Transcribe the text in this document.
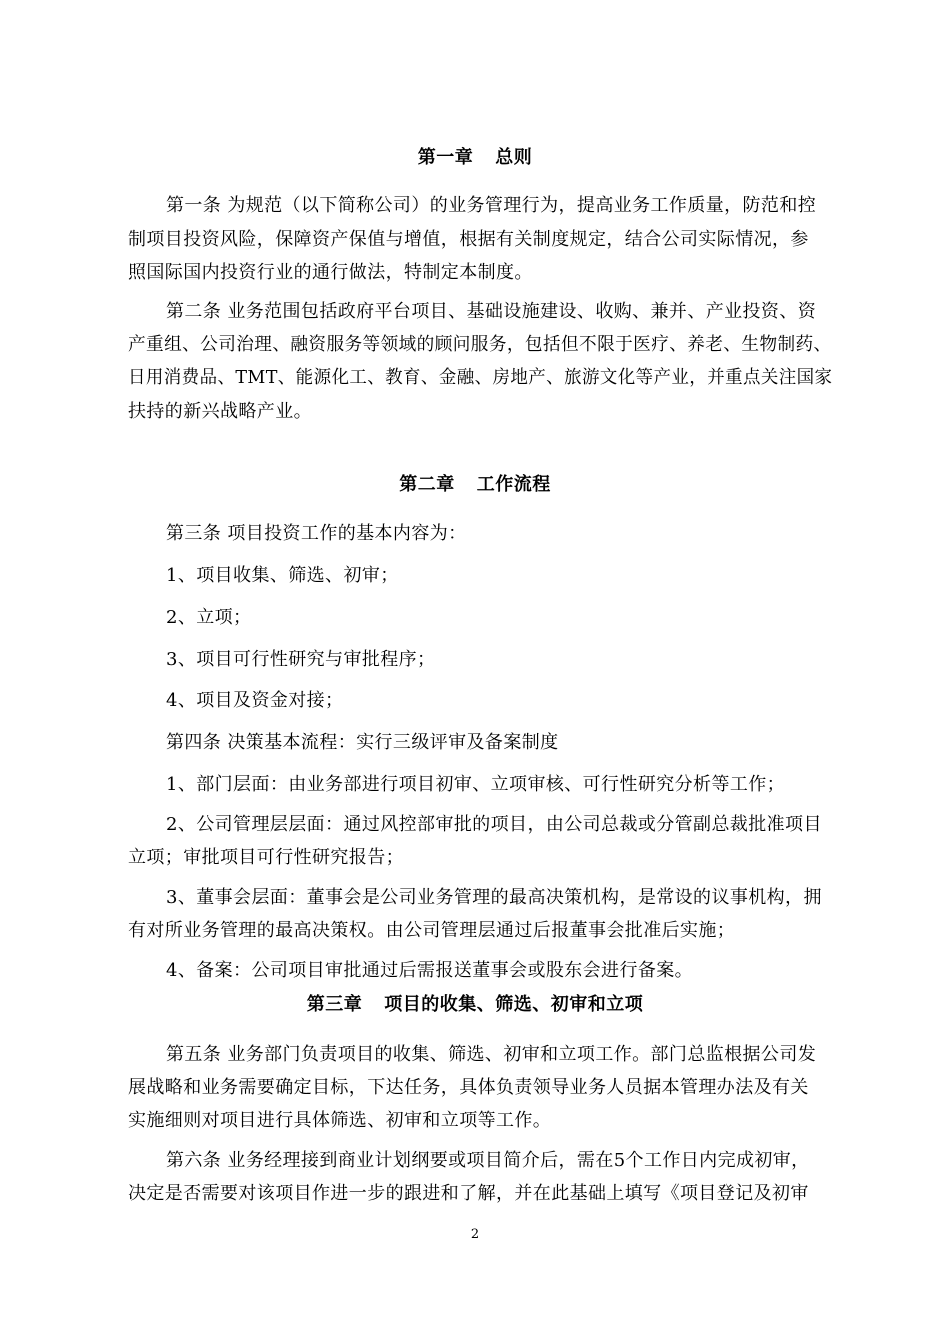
第一章 总则
第一条 为规范（以下简称公司）的业务管理行为，提高业务工作质量，防范和控
制项目投资风险，保障资产保值与增值，根据有关制度规定，结合公司实际情况，参
照国际国内投资行业的通行做法，特制定本制度。
第二条 业务范围包括政府平台项目、基础设施建设、收购、兼并、产业投资、资
产重组、公司治理、融资服务等领域的顾问服务，包括但不限于医疗、养老、生物制药、
日用消费品、TMT、能源化工、教育、金融、房地产、旅游文化等产业，并重点关注国家
扶持的新兴战略产业。
第二章 工作流程
第三条 项目投资工作的基本内容为：
1、项目收集、筛选、初审；
2、立项；
3、项目可行性研究与审批程序；
4、项目及资金对接；
第四条 决策基本流程：实行三级评审及备案制度
1、部门层面：由业务部进行项目初审、立项审核、可行性研究分析等工作；
2、公司管理层层面：通过风控部审批的项目，由公司总裁或分管副总裁批准项目
立项；审批项目可行性研究报告；
3、董事会层面：董事会是公司业务管理的最高决策机构，是常设的议事机构，拥
有对所业务管理的最高决策权。由公司管理层通过后报董事会批准后实施；
4、备案：公司项目审批通过后需报送董事会或股东会进行备案。
第三章 项目的收集、筛选、初审和立项
第五条 业务部门负责项目的收集、筛选、初审和立项工作。部门总监根据公司发
展战略和业务需要确定目标，下达任务，具体负责领导业务人员据本管理办法及有关
实施细则对项目进行具体筛选、初审和立项等工作。
第六条 业务经理接到商业计划纲要或项目简介后，需在5个工作日内完成初审，
决定是否需要对该项目作进一步的跟进和了解，并在此基础上填写《项目登记及初审
2
